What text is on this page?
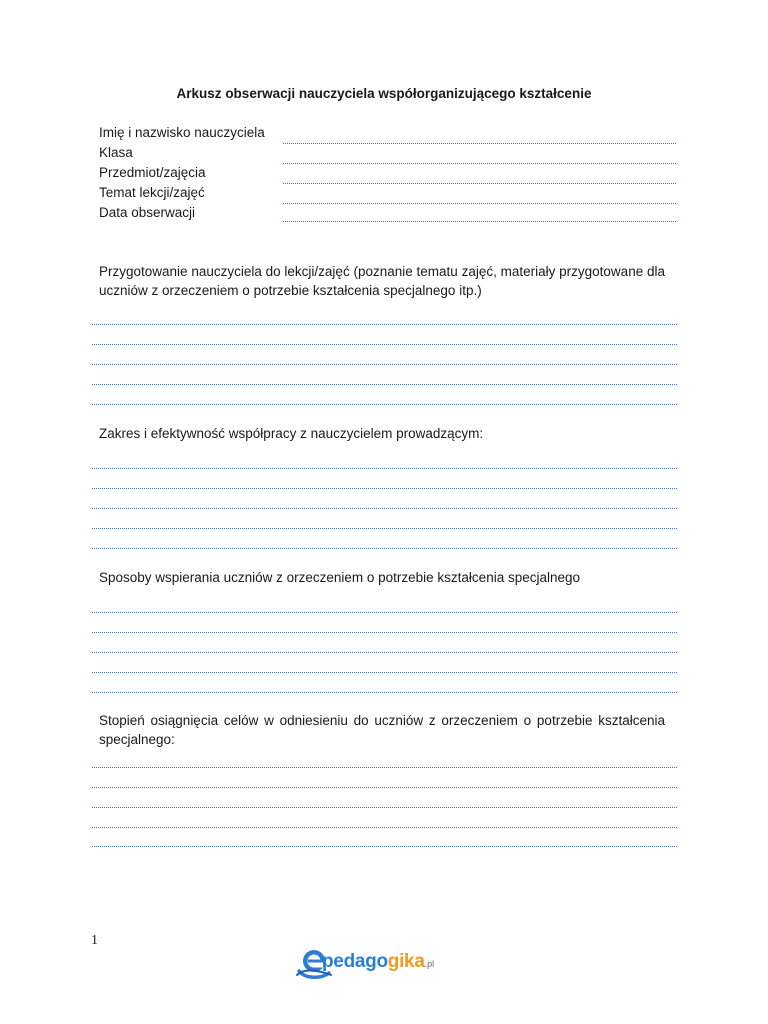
Arkusz obserwacji nauczyciela współorganizującego kształcenie
Imię i nazwisko nauczyciela
Klasa
Przedmiot/zajęcia
Temat lekcji/zajęć
Data obserwacji
Przygotowanie nauczyciela do lekcji/zajęć (poznanie tematu zajęć, materiały przygotowane dla uczniów z orzeczeniem o potrzebie kształcenia specjalnego itp.)
Zakres i efektywność współpracy z nauczycielem prowadzącym:
Sposoby wspierania uczniów z orzeczeniem o potrzebie kształcenia specjalnego
Stopień osiągnięcia celów w odniesieniu do uczniów z orzeczeniem o potrzebie kształcenia specjalnego:
1
pedagogika.pl
